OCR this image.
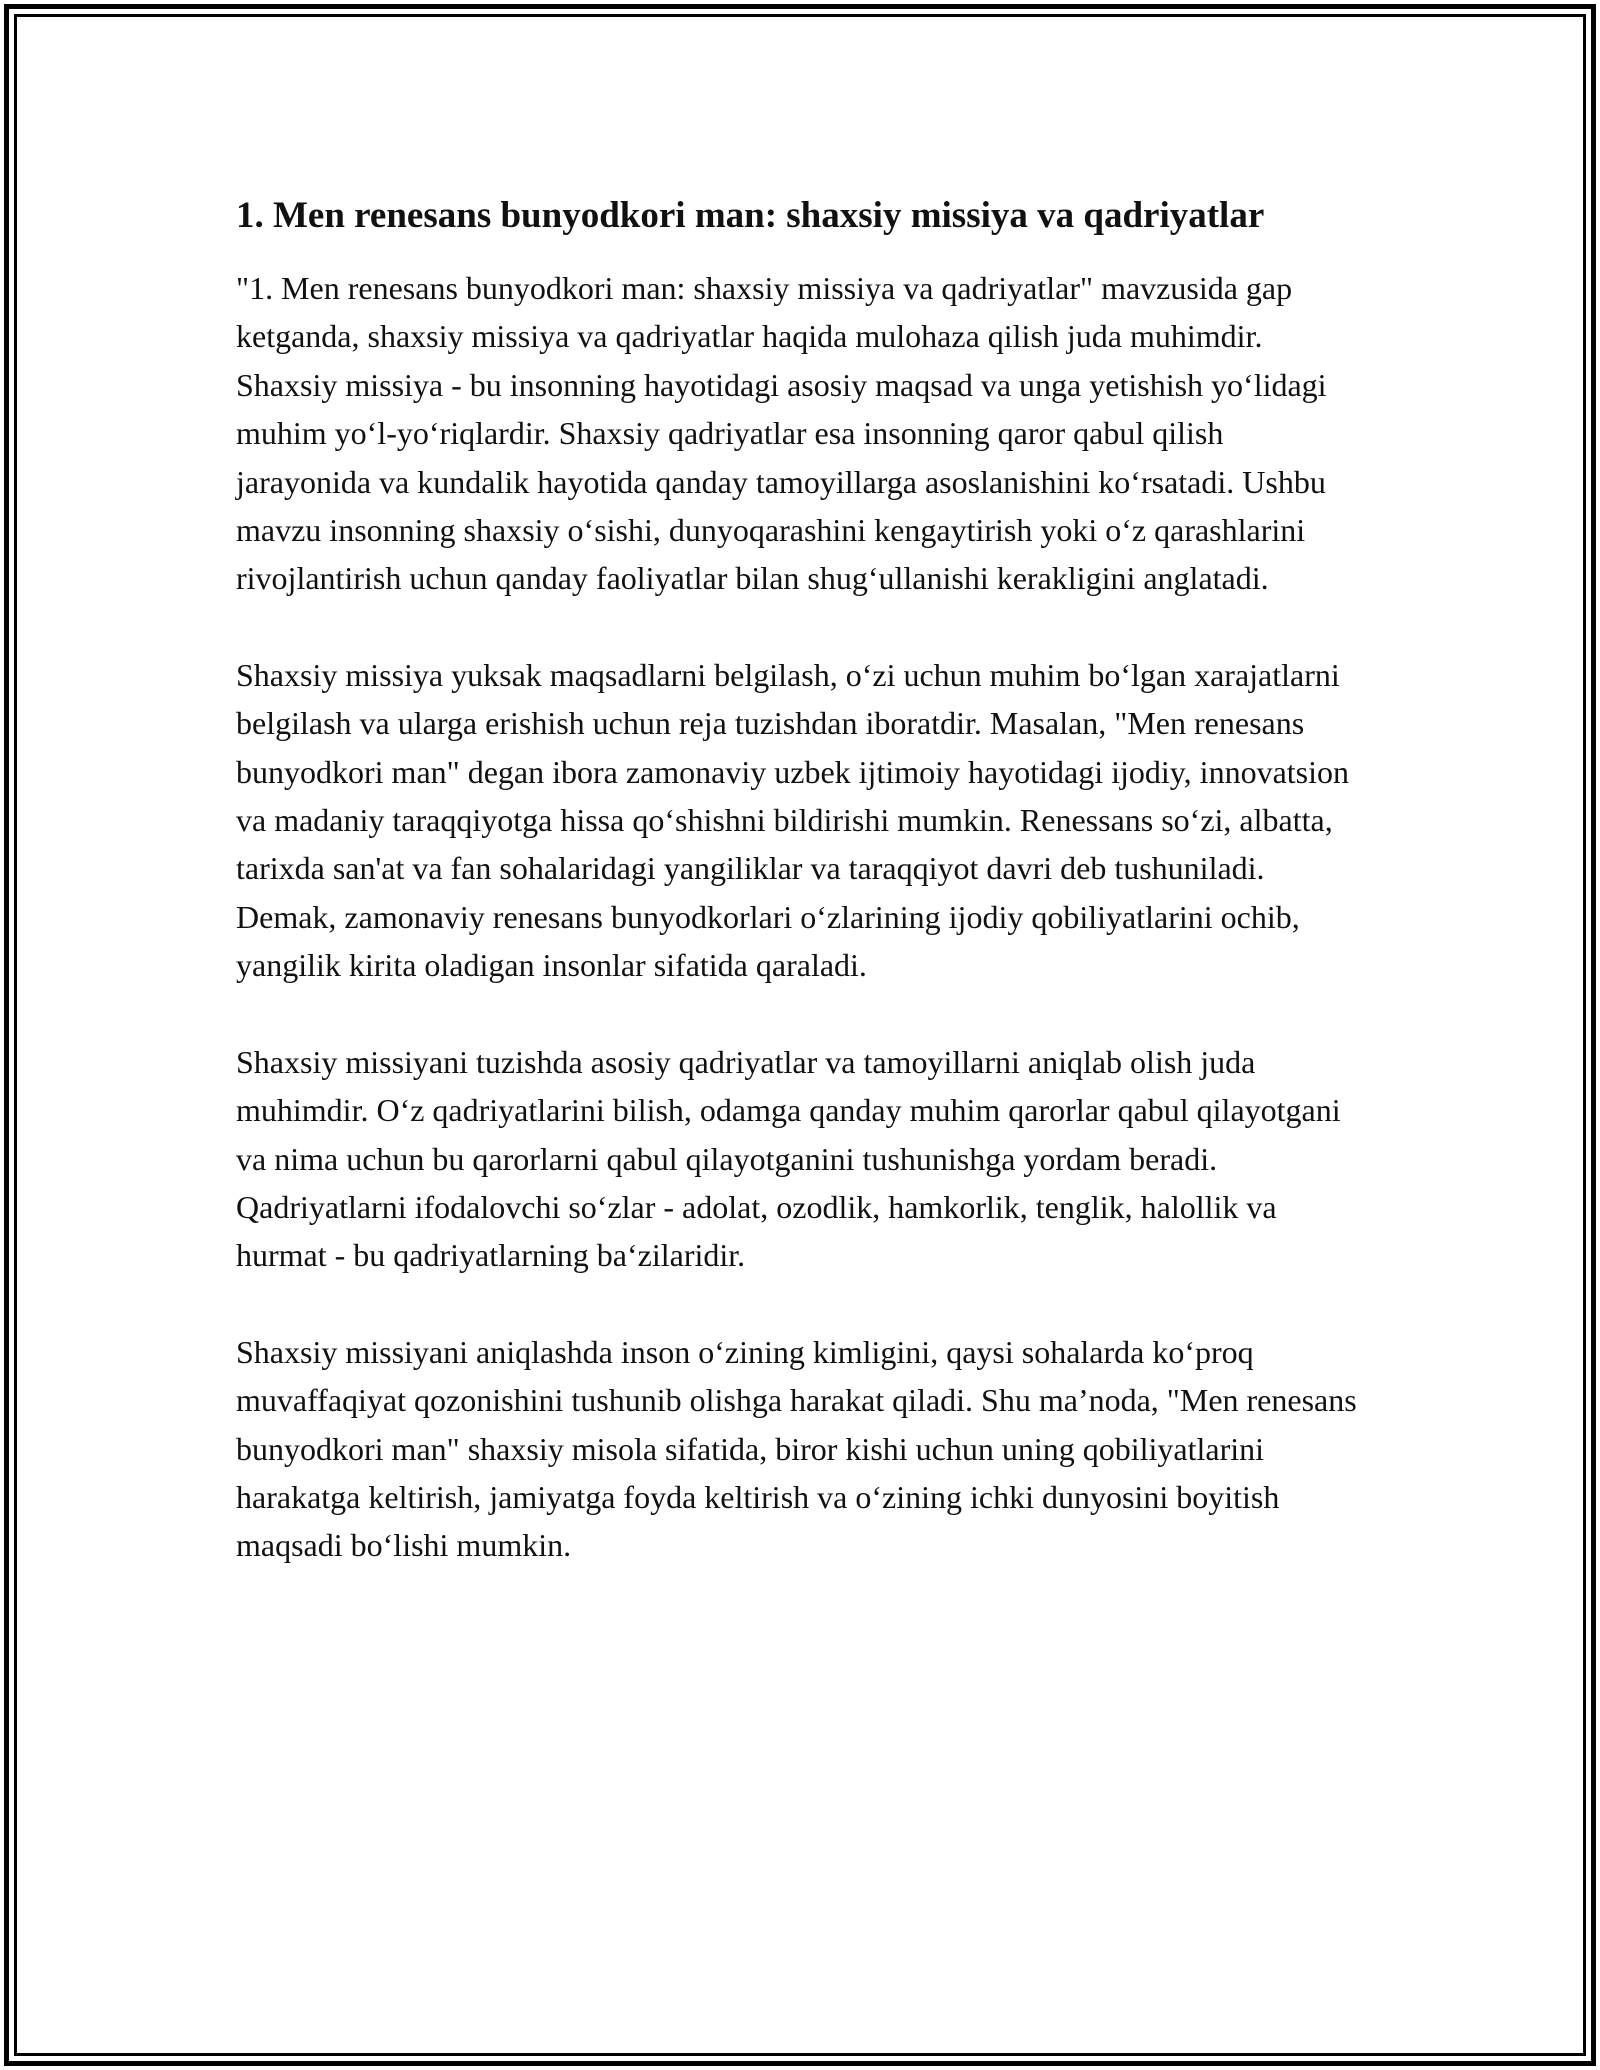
1. Men renesans bunyodkori man: shaxsiy missiya va qadriyatlar

"1. Men renesans bunyodkori man: shaxsiy missiya va qadriyatlar" mavzusida gap ketganda, shaxsiy missiya va qadriyatlar haqida mulohaza qilish juda muhimdir. Shaxsiy missiya - bu insonning hayotidagi asosiy maqsad va unga yetishish yo‘lidagi muhim yo‘l-yo‘riqlardir. Shaxsiy qadriyatlar esa insonning qaror qabul qilish jarayonida va kundalik hayotida qanday tamoyillarga asoslanishini ko‘rsatadi. Ushbu mavzu insonning shaxsiy o‘sishi, dunyoqarashini kengaytirish yoki o‘z qarashlarini rivojlantirish uchun qanday faoliyatlar bilan shug‘ullanishi kerakligini anglatadi.

Shaxsiy missiya yuksak maqsadlarni belgilash, o‘zi uchun muhim bo‘lgan xarajatlarni belgilash va ularga erishish uchun reja tuzishdan iboratdir. Masalan, "Men renesans bunyodkori man" degan ibora zamonaviy uzbek ijtimoiy hayotidagi ijodiy, innovatsion va madaniy taraqqiyotga hissa qo‘shishni bildirishi mumkin. Renessans so‘zi, albatta, tarixda san'at va fan sohalaridagi yangiliklar va taraqqiyot davri deb tushuniladi. Demak, zamonaviy renesans bunyodkorlari o‘zlarining ijodiy qobiliyatlarini ochib, yangilik kirita oladigan insonlar sifatida qaraladi.

Shaxsiy missiyani tuzishda asosiy qadriyatlar va tamoyillarni aniqlab olish juda muhimdir. O‘z qadriyatlarini bilish, odamga qanday muhim qarorlar qabul qilayotgani va nima uchun bu qarorlarni qabul qilayotganini tushunishga yordam beradi. Qadriyatlarni ifodalovchi so‘zlar - adolat, ozodlik, hamkorlik, tenglik, halollik va hurmat - bu qadriyatlarning ba‘zilaridir.

Shaxsiy missiyani aniqlashda inson o‘zining kimligini, qaysi sohalarda ko‘proq muvaffaqiyat qozonishini tushunib olishga harakat qiladi. Shu ma’noda, "Men renesans bunyodkori man" shaxsiy misola sifatida, biror kishi uchun uning qobiliyatlarini harakatga keltirish, jamiyatga foyda keltirish va o‘zining ichki dunyosini boyitish maqsadi bo‘lishi mumkin.
